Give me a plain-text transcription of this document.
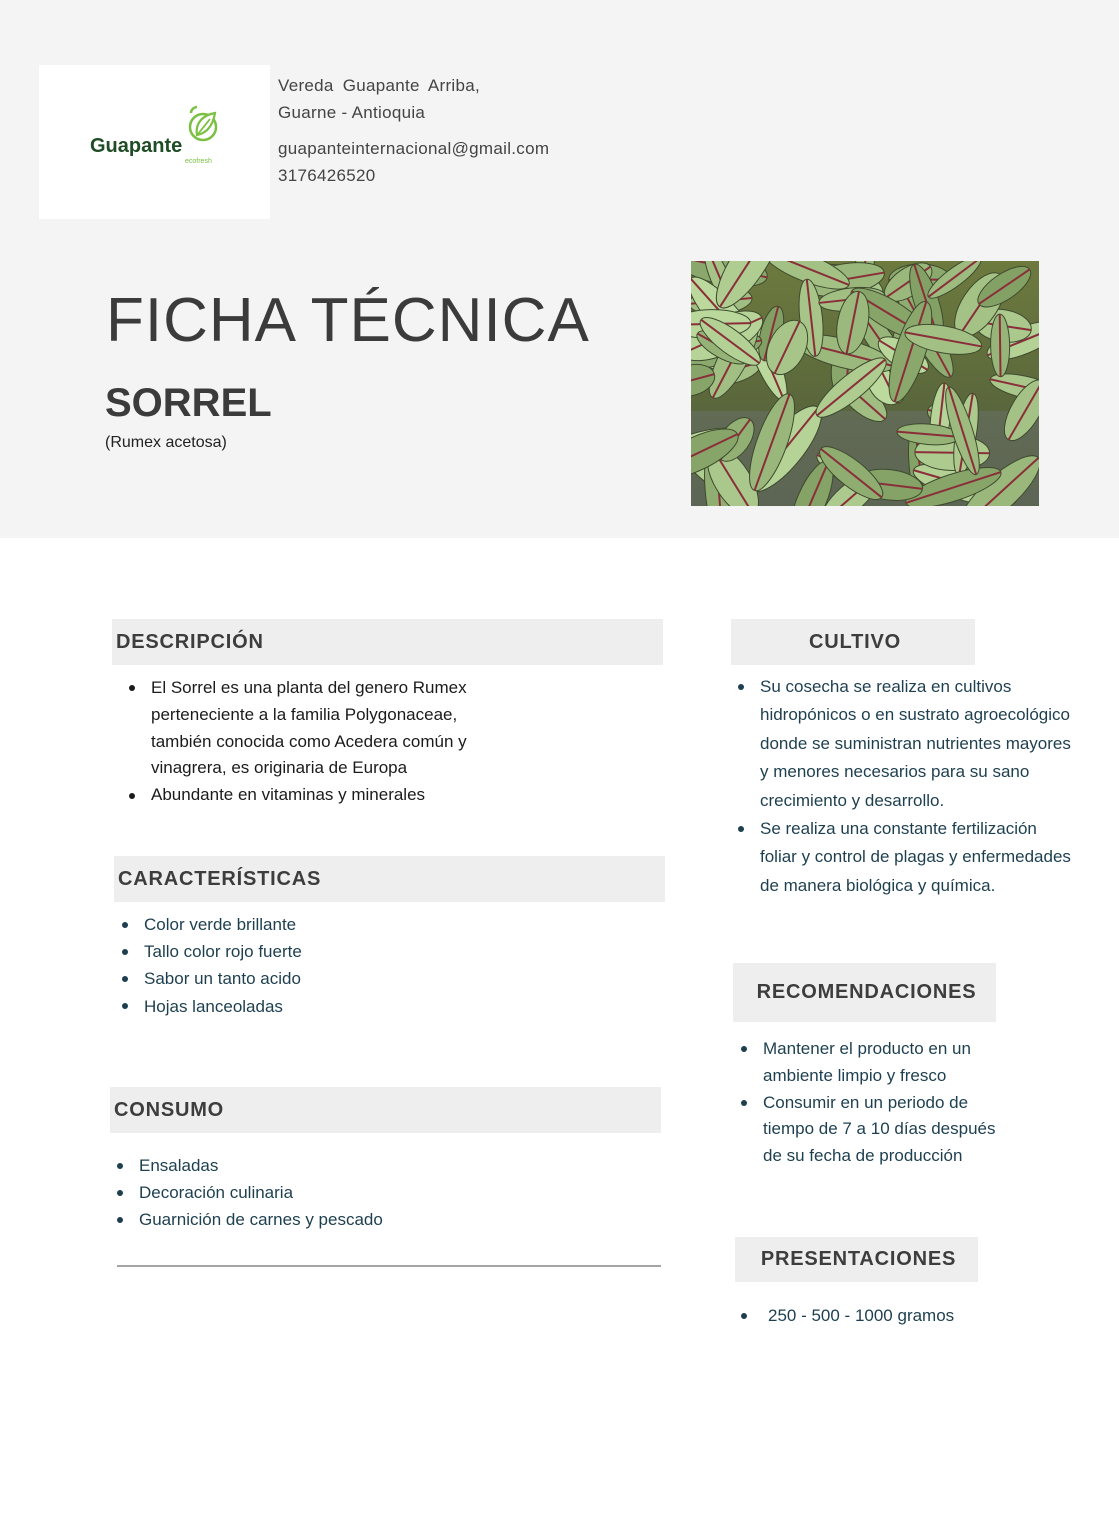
Guapante
ecofresh
Vereda Guapante Arriba,
Guarne - Antioquia
guapanteinternacional@gmail.com
3176426520
FICHA TÉCNICA
SORREL
(Rumex acetosa)
DESCRIPCIÓN
El Sorrel es una planta del genero Rumex perteneciente a la familia Polygonaceae, también conocida como Acedera común y vinagrera, es originaria de Europa
Abundante en vitaminas y minerales
CARACTERÍSTICAS
Color verde brillante
Tallo color rojo fuerte
Sabor un tanto acido
Hojas lanceoladas
CONSUMO
Ensaladas
Decoración culinaria
Guarnición de carnes y pescado
CULTIVO
Su cosecha se realiza en cultivos hidropónicos o en sustrato agroecológico donde se suministran nutrientes mayores y menores necesarios para su sano crecimiento y desarrollo.
Se realiza una constante fertilización foliar y control de plagas y enfermedades de manera biológica y química.
RECOMENDACIONES
Mantener el producto en un ambiente limpio y fresco
Consumir en un periodo de tiempo de 7 a 10 días después de su fecha de producción
PRESENTACIONES
250 - 500 - 1000 gramos
